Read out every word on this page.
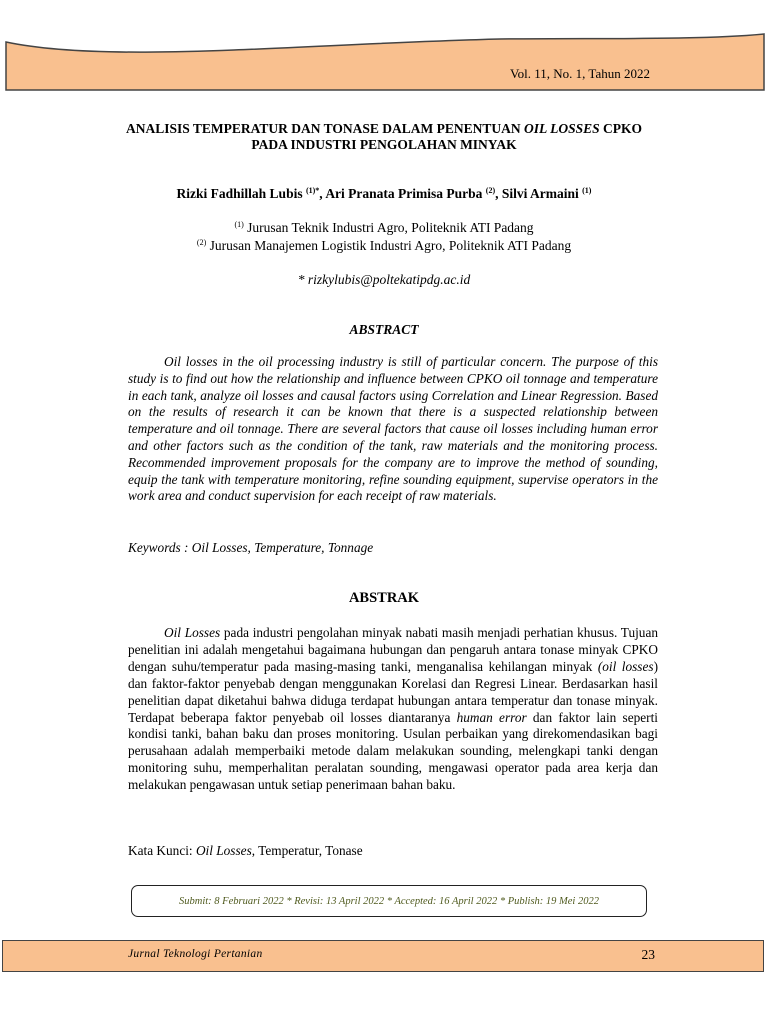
Vol. 11, No. 1, Tahun 2022
ANALISIS TEMPERATUR DAN TONASE DALAM PENENTUAN OIL LOSSES CPKO PADA INDUSTRI PENGOLAHAN MINYAK
Rizki Fadhillah Lubis $^{(1)*}$, Ari Pranata Primisa Purba $^{(2)}$, Silvi Armaini $^{(1)}$
$^{(1)}$ Jurusan Teknik Industri Agro, Politeknik ATI Padang
$^{(2)}$ Jurusan Manajemen Logistik Industri Agro, Politeknik ATI Padang
* rizkylubis@poltekatipdg.ac.id
ABSTRACT

Oil losses in the oil processing industry is still of particular concern. The purpose of this study is to find out how the relationship and influence between CPKO oil tonnage and temperature in each tank, analyze oil losses and causal factors using Correlation and Linear Regression. Based on the results of research it can be known that there is a suspected relationship between temperature and oil tonnage. There are several factors that cause oil losses including human error and other factors such as the condition of the tank, raw materials and the monitoring process. Recommended improvement proposals for the company are to improve the method of sounding, equip the tank with temperature monitoring, refine sounding equipment, supervise operators in the work area and conduct supervision for each receipt of raw materials.

Keywords : Oil Losses, Temperature, Tonnage
ABSTRAK

Oil Losses pada industri pengolahan minyak nabati masih menjadi perhatian khusus. Tujuan penelitian ini adalah mengetahui bagaimana hubungan dan pengaruh antara tonase minyak CPKO dengan suhu/temperatur pada masing-masing tanki, menganalisa kehilangan minyak (oil losses) dan faktor-faktor penyebab dengan menggunakan Korelasi dan Regresi Linear. Berdasarkan hasil penelitian dapat diketahui bahwa diduga terdapat hubungan antara temperatur dan tonase minyak. Terdapat beberapa faktor penyebab oil losses diantaranya human error dan faktor lain seperti kondisi tanki, bahan baku dan proses monitoring. Usulan perbaikan yang direkomendasikan bagi perusahaan adalah memperbaiki metode dalam melakukan sounding, melengkapi tanki dengan monitoring suhu, memperhalitan peralatan sounding, mengawasi operator pada area kerja dan melakukan pengawasan untuk setiap penerimaan bahan baku.

Kata Kunci: Oil Losses, Temperatur, Tonase
Submit: 8 Februari 2022 * Revisi: 13 April 2022 * Accepted: 16 April 2022 * Publish: 19 Mei 2022
Jurnal Teknologi Pertanian	23
